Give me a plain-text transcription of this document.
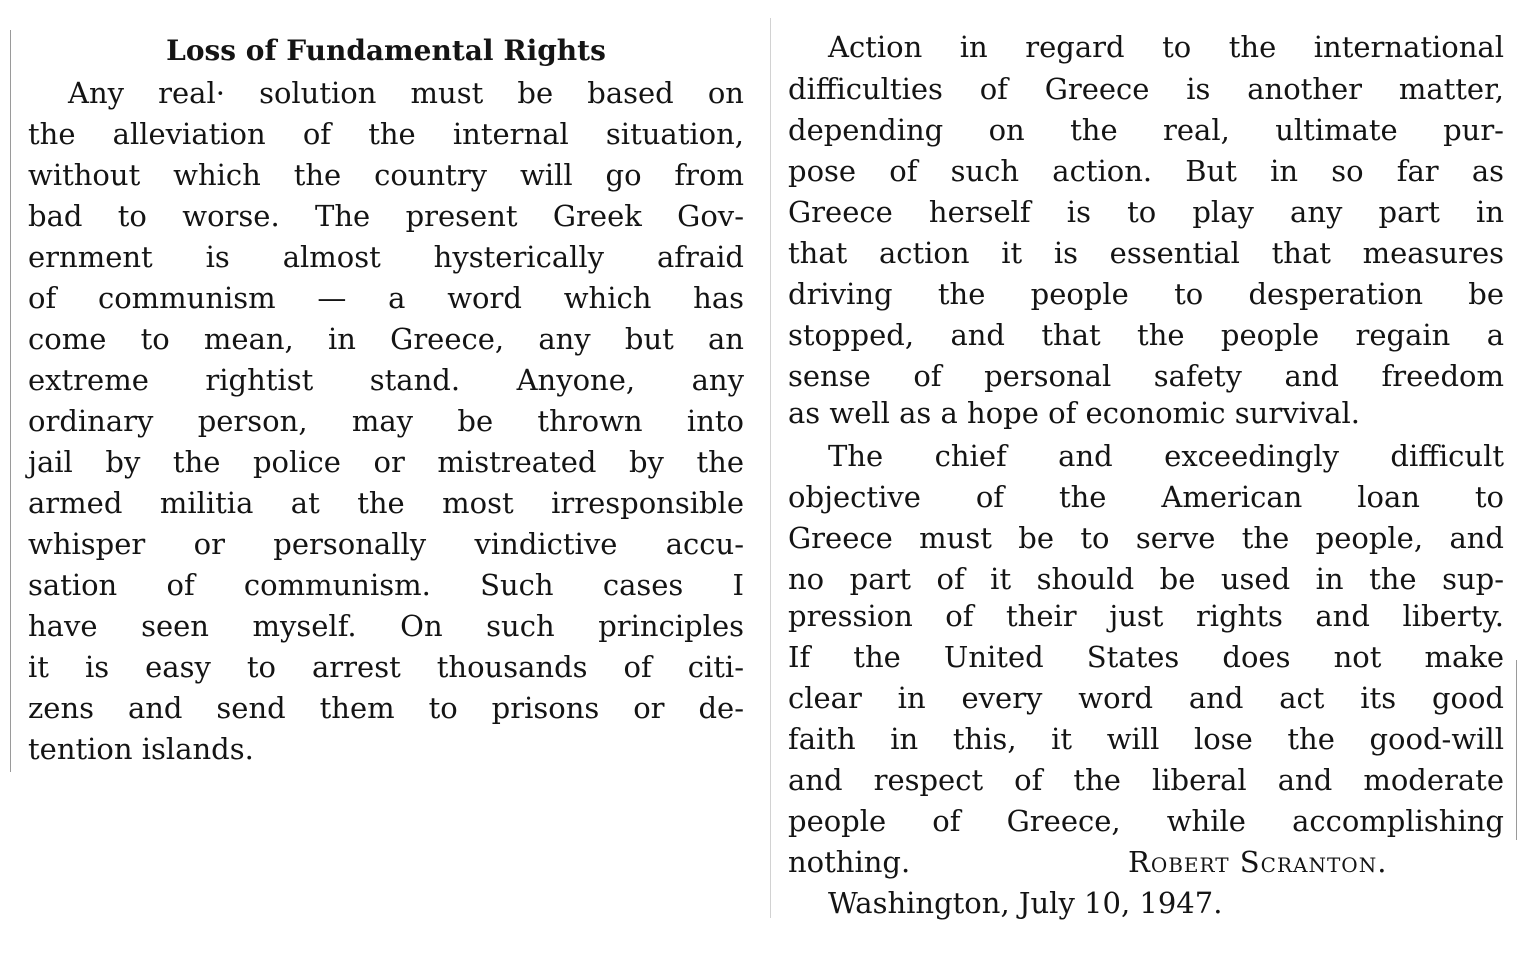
Loss of Fundamental Rights
Any real· solution must be based on
the alleviation of the internal situation,
without which the country will go from
bad to worse. The present Greek Gov-
ernment is almost hysterically afraid
of communism — a word which has
come to mean, in Greece, any but an
extreme rightist stand. Anyone, any
ordinary person, may be thrown into
jail by the police or mistreated by the
armed militia at the most irresponsible
whisper or personally vindictive accu-
sation of communism. Such cases I
have seen myself. On such principles
it is easy to arrest thousands of citi-
zens and send them to prisons or de-
tention islands.
Action in regard to the international
difficulties of Greece is another matter,
depending on the real, ultimate pur-
pose of such action. But in so far as
Greece herself is to play any part in
that action it is essential that measures
driving the people to desperation be
stopped, and that the people regain a
sense of personal safety and freedom
as well as a hope of economic survival.
The chief and exceedingly difficult
objective of the American loan to
Greece must be to serve the people, and
no part of it should be used in the sup-
pression of their just rights and liberty.
If the United States does not make
clear in every word and act its good
faith in this, it will lose the good-will
and respect of the liberal and moderate
people of Greece, while accomplishing
nothing.	Robert Scranton.
Washington, July 10, 1947.
